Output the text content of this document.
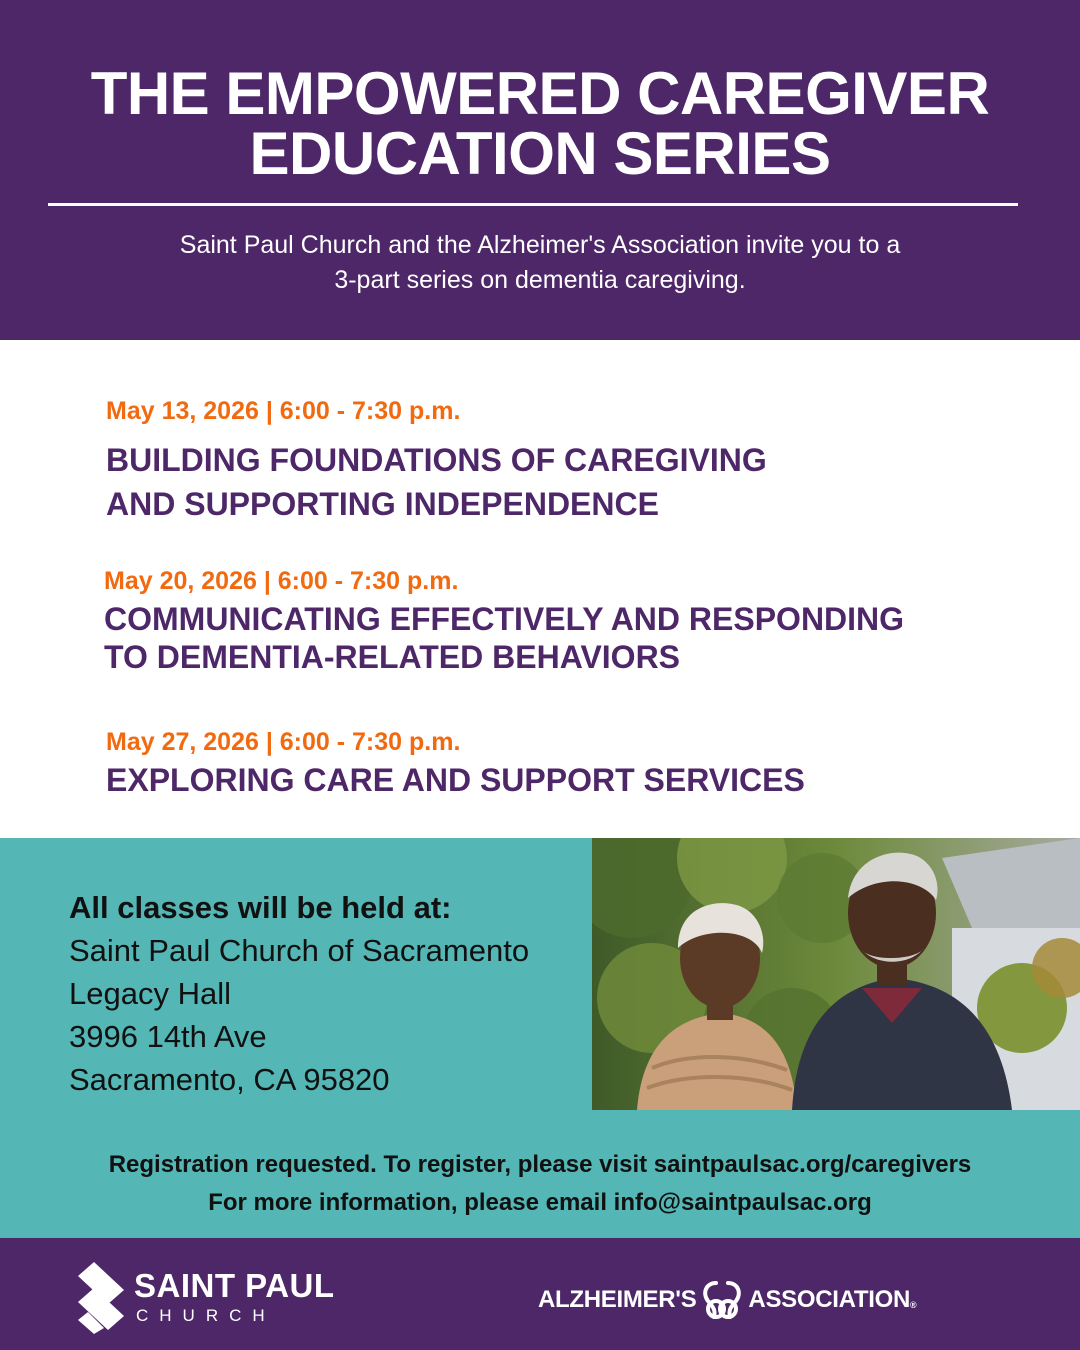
THE EMPOWERED CAREGIVER
EDUCATION SERIES

Saint Paul Church and the Alzheimer's Association invite you to a
3-part series on dementia caregiving.

May 13, 2026 | 6:00 - 7:30 p.m.
BUILDING FOUNDATIONS OF CAREGIVING
AND SUPPORTING INDEPENDENCE
May 20, 2026 | 6:00 - 7:30 p.m.
COMMUNICATING EFFECTIVELY AND RESPONDING
TO DEMENTIA-RELATED BEHAVIORS
May 27, 2026 | 6:00 - 7:30 p.m.
EXPLORING CARE AND SUPPORT SERVICES
All classes will be held at:
Saint Paul Church of Sacramento
Legacy Hall
3996 14th Ave
Sacramento, CA 95820

Registration requested. To register, please visit saintpaulsac.org/caregivers
For more information, please email info@saintpaulsac.org

SAINT PAUL
CHURCH
ALZHEIMER'S ASSOCIATION®
